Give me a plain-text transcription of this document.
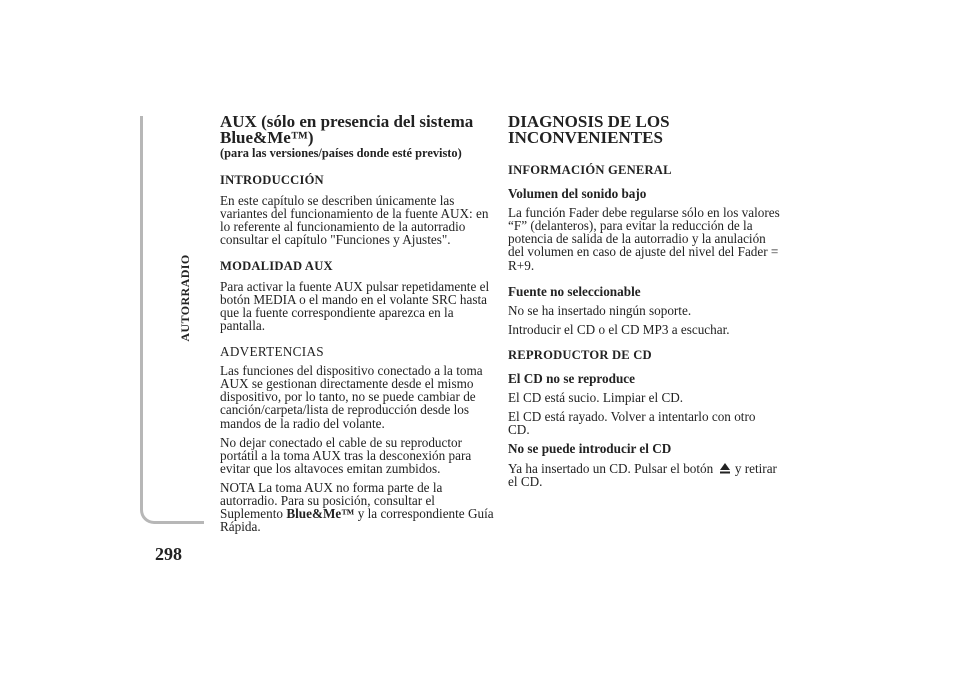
AUTORRADIO
298
AUX (sólo en presencia del sistema Blue&Me™)

(para las versiones/países donde esté previsto)

INTRODUCCIÓN

En este capítulo se describen únicamente las variantes del funcionamiento de la fuente AUX: en lo referente al funcionamiento de la autorradio consultar el capítulo "Funciones y Ajustes".

MODALIDAD AUX

Para activar la fuente AUX pulsar repetidamente el botón MEDIA o el mando en el volante SRC hasta que la fuente correspondiente aparezca en la pantalla.

ADVERTENCIAS

Las funciones del dispositivo conectado a la toma AUX se gestionan directamente desde el mismo dispositivo, por lo tanto, no se puede cambiar de canción/carpeta/lista de reproducción desde los mandos de la radio del volante.

No dejar conectado el cable de su reproductor portátil a la toma AUX tras la desconexión para evitar que los altavoces emitan zumbidos.

NOTA La toma AUX no forma parte de la autorradio. Para su posición, consultar el Suplemento Blue&Me™ y la correspondiente Guía Rápida.

DIAGNOSIS DE LOS INCONVENIENTES

INFORMACIÓN GENERAL

Volumen del sonido bajo

La función Fader debe regularse sólo en los valores “F” (delanteros), para evitar la reducción de la potencia de salida de la autorradio y la anulación del volumen en caso de ajuste del nivel del Fader = R+9.

Fuente no seleccionable

No se ha insertado ningún soporte.

Introducir el CD o el CD MP3 a escuchar.

REPRODUCTOR DE CD

El CD no se reproduce

El CD está sucio. Limpiar el CD.

El CD está rayado. Volver a intentarlo con otro CD.

No se puede introducir el CD

Ya ha insertado un CD. Pulsar el botón y retirar el CD.
